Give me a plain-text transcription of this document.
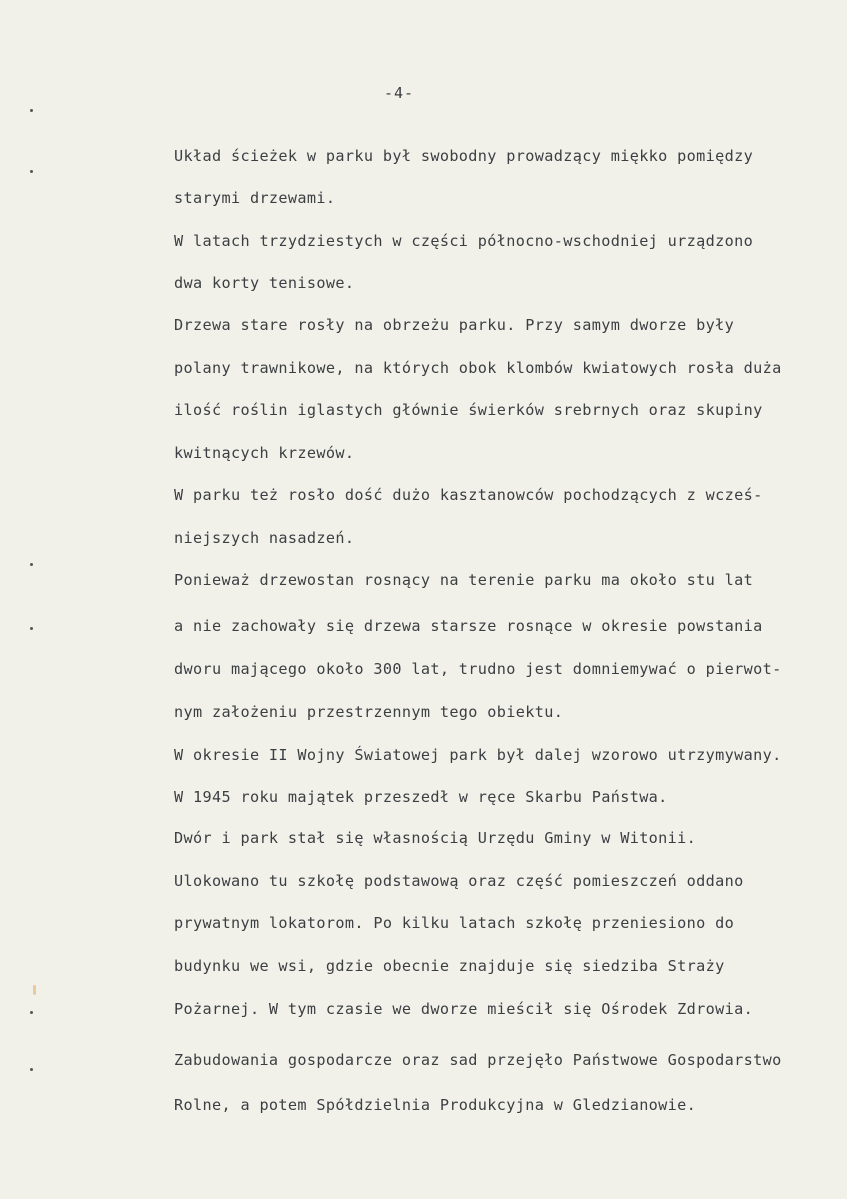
-4-
Układ ścieżek w parku był swobodny prowadzący miękko pomiędzy
starymi drzewami.
W latach trzydziestych w części północno-wschodniej urządzono
dwa korty tenisowe.
Drzewa stare rosły na obrzeżu parku. Przy samym dworze były
polany trawnikowe, na których obok klombów kwiatowych rosła duża
ilość roślin iglastych głównie świerków srebrnych oraz skupiny
kwitnących krzewów.
W parku też rosło dość dużo kasztanowców pochodzących z wcześ-
niejszych nasadzeń.
Ponieważ drzewostan rosnący na terenie parku ma około stu lat
a nie zachowały się drzewa starsze rosnące w okresie powstania
dworu mającego około 300 lat, trudno jest domniemywać o pierwot-
nym założeniu przestrzennym tego obiektu.
W okresie II Wojny Światowej park był dalej wzorowo utrzymywany.
W 1945 roku majątek przeszedł w ręce Skarbu Państwa.
Dwór i park stał się własnością Urzędu Gminy w Witonii.
Ulokowano tu szkołę podstawową oraz część pomieszczeń oddano
prywatnym lokatorom. Po kilku latach szkołę przeniesiono do
budynku we wsi, gdzie obecnie znajduje się siedziba Straży
Pożarnej. W tym czasie we dworze mieścił się Ośrodek Zdrowia.
Zabudowania gospodarcze oraz sad przejęło Państwowe Gospodarstwo
Rolne, a potem Spółdzielnia Produkcyjna w Gledzianowie.
